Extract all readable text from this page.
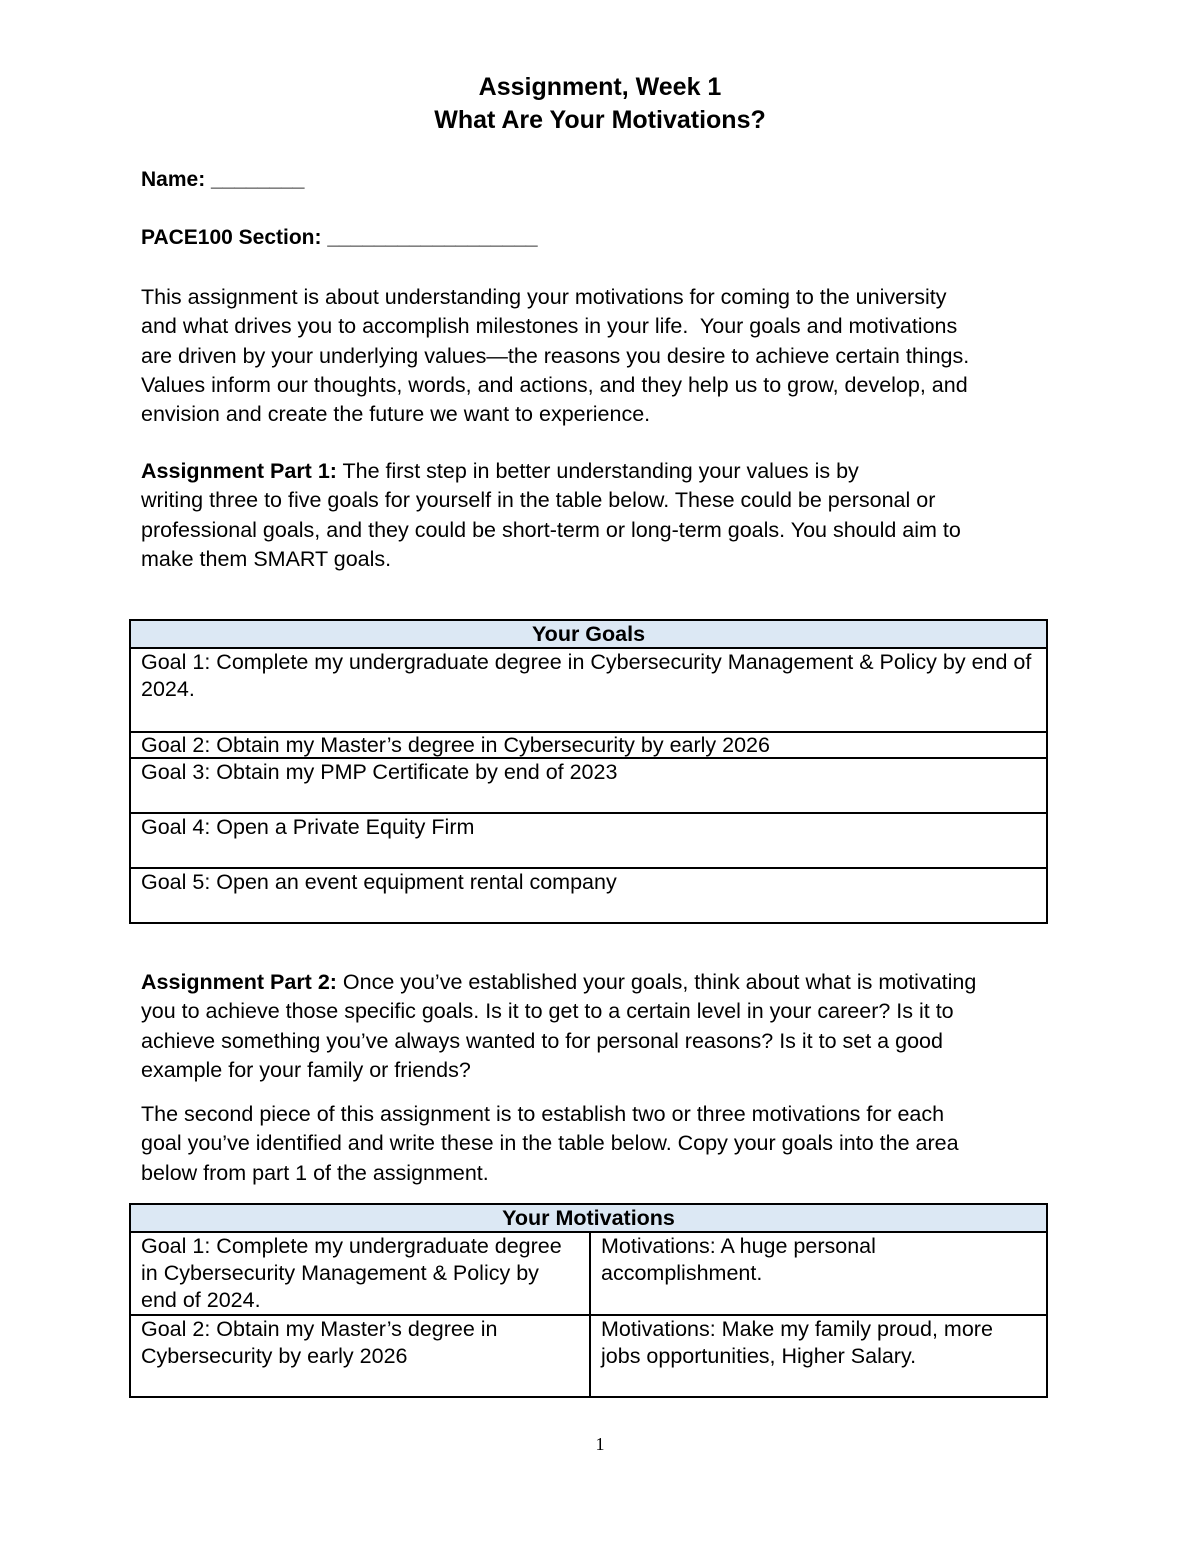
Assignment, Week 1
What Are Your Motivations?
Name: ________
PACE100 Section: __________________
This assignment is about understanding your motivations for coming to the university
and what drives you to accomplish milestones in your life.  Your goals and motivations
are driven by your underlying values—the reasons you desire to achieve certain things.
Values inform our thoughts, words, and actions, and they help us to grow, develop, and
envision and create the future we want to experience.
Assignment Part 1: The first step in better understanding your values is by
writing three to five goals for yourself in the table below. These could be personal or
professional goals, and they could be short-term or long-term goals. You should aim to
make them SMART goals.
Your Goals
Goal 1: Complete my undergraduate degree in Cybersecurity Management & Policy by end of 2024.
Goal 2: Obtain my Master’s degree in Cybersecurity by early 2026
Goal 3: Obtain my PMP Certificate by end of 2023
Goal 4: Open a Private Equity Firm
Goal 5: Open an event equipment rental company
Assignment Part 2: Once you’ve established your goals, think about what is motivating
you to achieve those specific goals. Is it to get to a certain level in your career? Is it to
achieve something you’ve always wanted to for personal reasons? Is it to set a good
example for your family or friends?
The second piece of this assignment is to establish two or three motivations for each
goal you’ve identified and write these in the table below. Copy your goals into the area
below from part 1 of the assignment.
Your Motivations	
Goal 1: Complete my undergraduate degree in Cybersecurity Management & Policy by end of 2024.	Motivations: A huge personal accomplishment.
Goal 2: Obtain my Master’s degree in Cybersecurity by early 2026	Motivations: Make my family proud, more jobs opportunities, Higher Salary.
1
